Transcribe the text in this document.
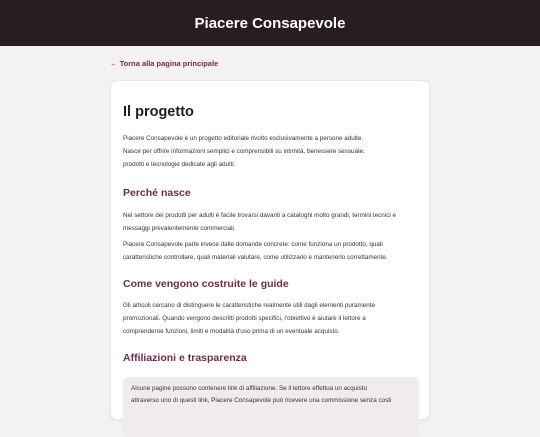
Piacere Consapevole
← Torna alla pagina principale
Il progetto
Piacere Consapevole è un progetto editoriale rivolto esclusivamente a persone adulte.
Nasce per offrire informazioni semplici e comprensibili su intimità, benessere sessuale,
prodotti e tecnologie dedicate agli adulti.
Perché nasce
Nel settore dei prodotti per adulti è facile trovarsi davanti a cataloghi molto grandi, termini tecnici e
messaggi prevalentemente commerciali.
Piacere Consapevole parte invece dalle domande concrete: come funziona un prodotto, quali
caratteristiche controllare, quali materiali valutare, come utilizzarlo e mantenerlo correttamente.
Come vengono costruite le guide
Gli articoli cercano di distinguere le caratteristiche realmente utili dagli elementi puramente
promozionali. Quando vengono descritti prodotti specifici, l'obiettivo è aiutare il lettore a
comprenderne funzioni, limiti e modalità d'uso prima di un eventuale acquisto.
Affiliazioni e trasparenza
Alcune pagine possono contenere link di affiliazione. Se il lettore effettua un acquisto
attraverso uno di questi link, Piacere Consapevole può ricevere una commissione senza costi
